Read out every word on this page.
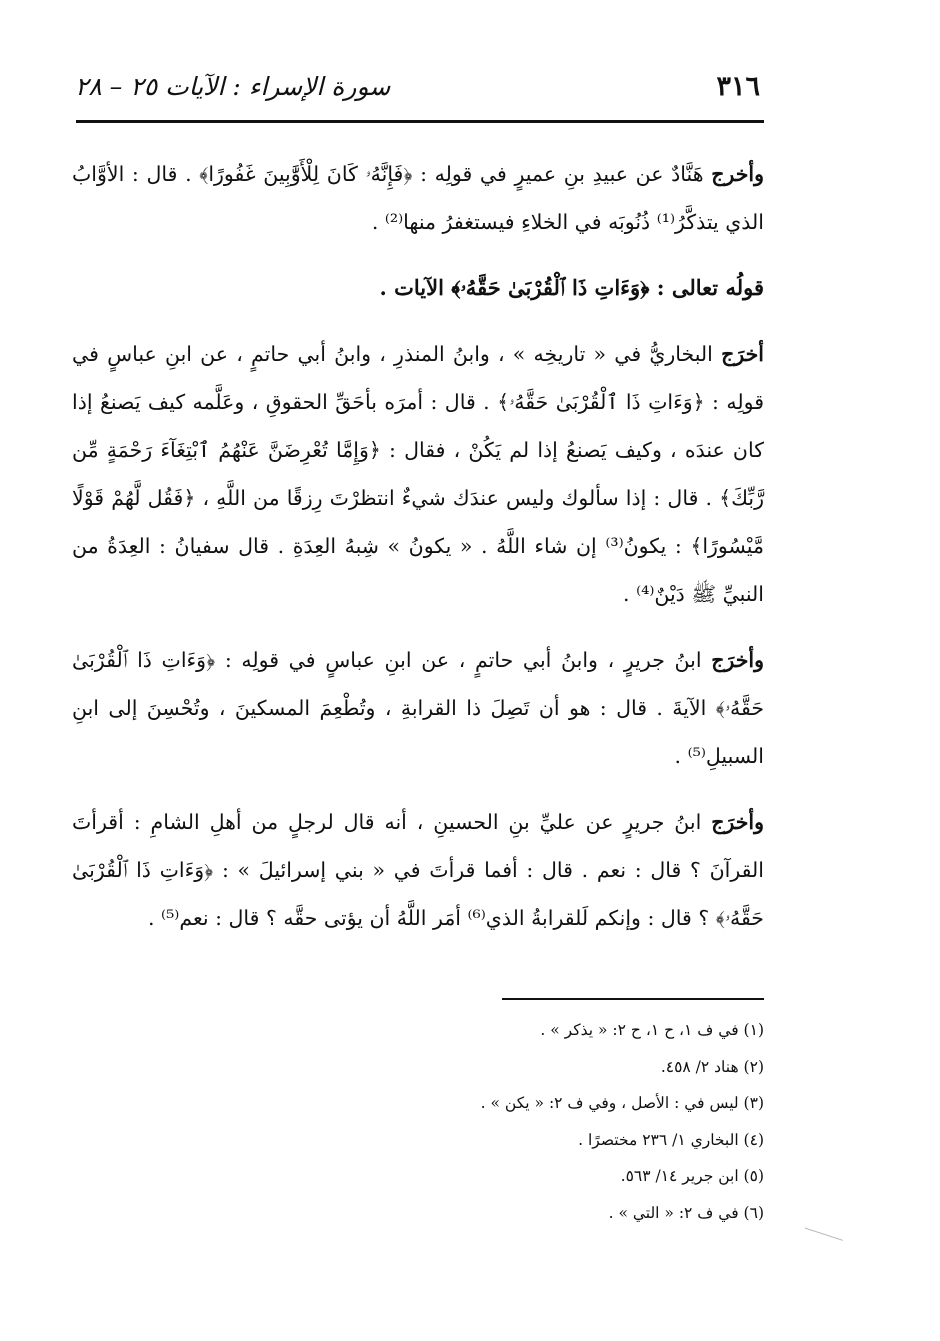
٣١٦
سورة الإسراء : الآيات ٢٥ – ٢٨

وأخرج هَنَّادٌ عن عبيدِ بنِ عميرٍ في قولِه : ﴿فَإِنَّهُۥ كَانَ لِلْأَوَّٰبِينَ غَفُورًا﴾ . قال : الأوَّابُ الذي يتذكَّرُ⁽¹⁾ ذُنُوبَه في الخلاءِ فيستغفرُ منها⁽²⁾ .

قولُه تعالى : ﴿وَءَاتِ ذَا ٱلْقُرْبَىٰ حَقَّهُۥ﴾ الآيات .

أخرَج البخاريُّ في « تاريخِه » ، وابنُ المنذرِ ، وابنُ أبي حاتمٍ ، عن ابنِ عباسٍ في قولِه : ﴿وَءَاتِ ذَا ٱلْقُرْبَىٰ حَقَّهُۥ﴾ . قال : أمرَه بأحَقِّ الحقوقِ ، وعَلَّمه كيف يَصنعُ إذا كان عندَه ، وكيف يَصنعُ إذا لم يَكُنْ ، فقال : ﴿وَإِمَّا تُعْرِضَنَّ عَنْهُمُ ٱبْتِغَآءَ رَحْمَةٍ مِّن رَّبِّكَ﴾ . قال : إذا سألوك وليس عندَك شيءٌ انتظرْتَ رِزقًا من اللَّهِ ، ﴿فَقُل لَّهُمْ قَوْلًا مَّيْسُورًا﴾ : يكونُ⁽³⁾ إن شاء اللَّهُ . « يكونُ » شِبهُ العِدَةِ . قال سفيانُ : العِدَةُ من النبيِّ ﷺ دَيْنٌ⁽⁴⁾ .

وأخرَج ابنُ جريرٍ ، وابنُ أبي حاتمٍ ، عن ابنِ عباسٍ في قولِه : ﴿وَءَاتِ ذَا ٱلْقُرْبَىٰ حَقَّهُۥ﴾ الآيةَ . قال : هو أن تَصِلَ ذا القرابةِ ، وتُطْعِمَ المسكينَ ، وتُحْسِنَ إلى ابنِ السبيلِ⁽⁵⁾ .

وأخرَج ابنُ جريرٍ عن عليِّ بنِ الحسينِ ، أنه قال لرجلٍ من أهلِ الشامِ : أقرأتَ القرآنَ ؟ قال : نعم . قال : أفما قرأتَ في « بني إسرائيلَ » : ﴿وَءَاتِ ذَا ٱلْقُرْبَىٰ حَقَّهُۥ﴾ ؟ قال : وإنكم لَلقرابةُ الذي⁽⁶⁾ أمَر اللَّهُ أن يؤتى حقَّه ؟ قال : نعم⁽⁵⁾ .

(١) في ف ١، ح ١، ح ٢: « يذكر » .
(٢) هناد ٢/ ٤٥٨.
(٣) ليس في : الأصل ، وفي ف ٢: « يكن » .
(٤) البخاري ١/ ٢٣٦ مختصرًا .
(٥) ابن جرير ١٤/ ٥٦٣.
(٦) في ف ٢: « التي » .
